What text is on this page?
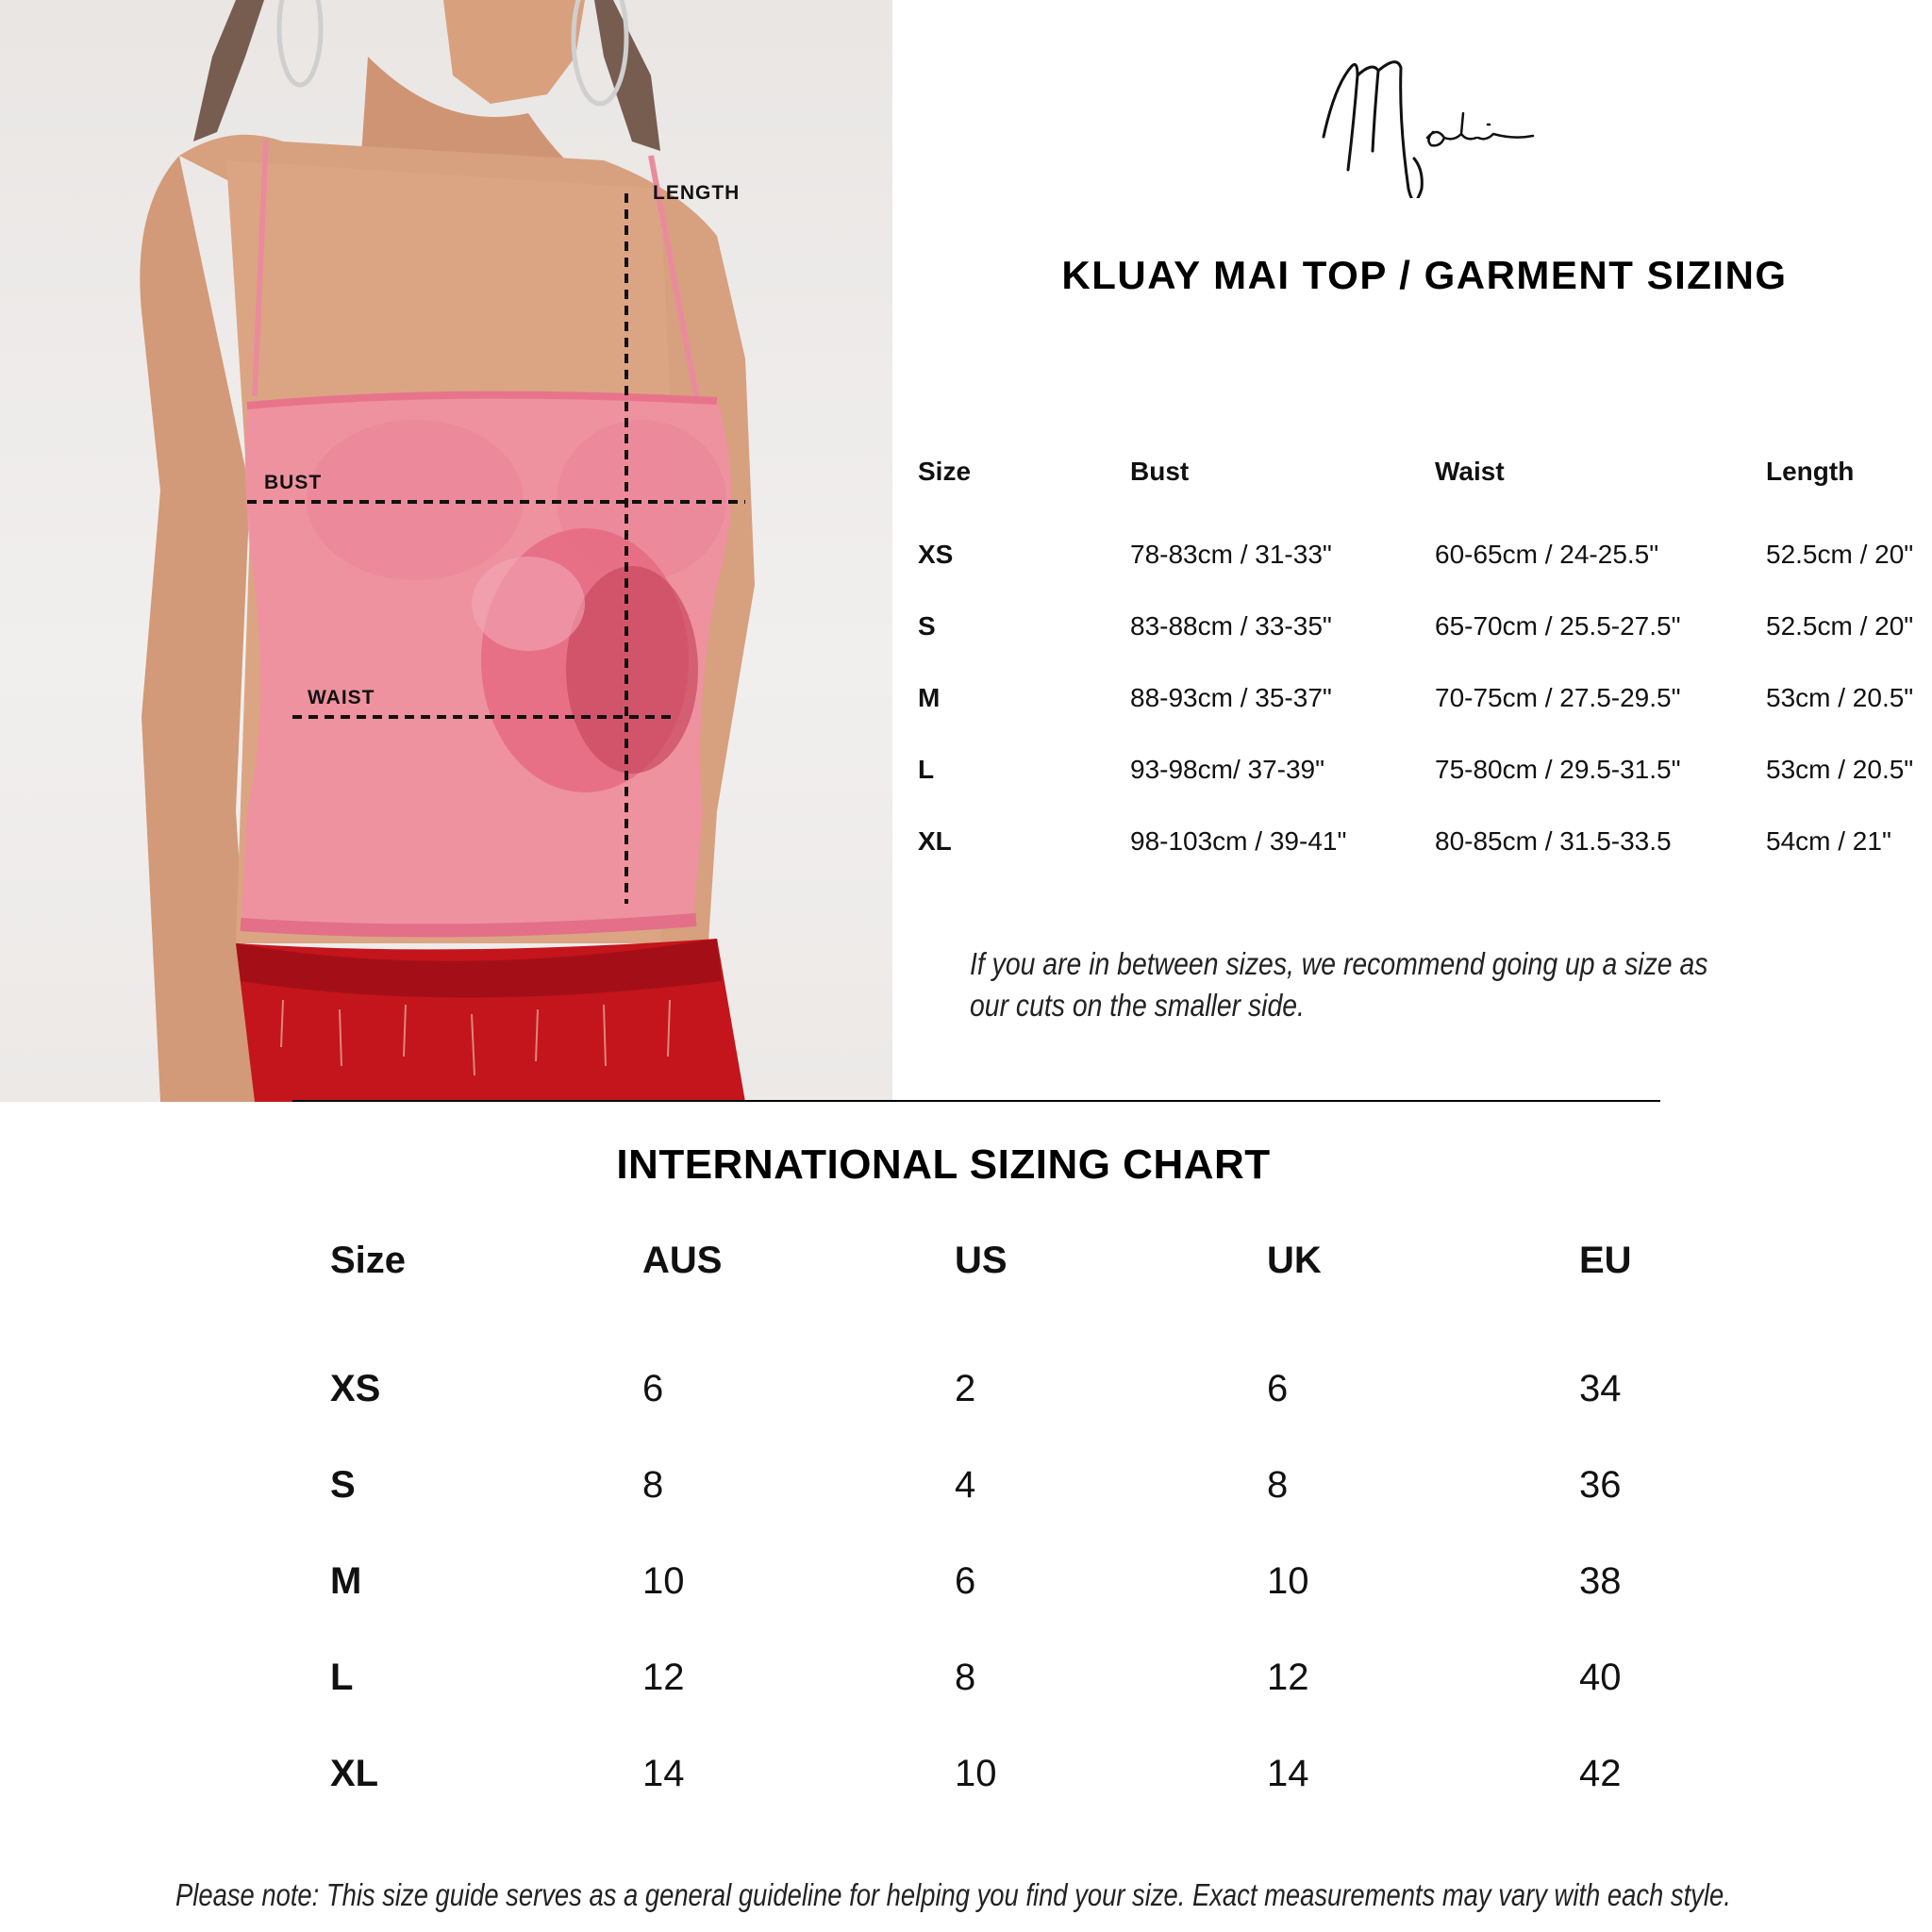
LENGTH
BUST
WAIST
KLUAY MAI TOP / GARMENT SIZING
Size	Bust	Waist	Length
XS	78-83cm / 31-33"	60-65cm / 24-25.5"	52.5cm / 20"
S	83-88cm / 33-35"	65-70cm / 25.5-27.5"	52.5cm / 20"
M	88-93cm / 35-37"	70-75cm / 27.5-29.5"	53cm / 20.5"
L	93-98cm/ 37-39"	75-80cm / 29.5-31.5"	53cm / 20.5"
XL	98-103cm / 39-41"	80-85cm / 31.5-33.5	54cm / 21"
If you are in between sizes, we recommend going up a size as our cuts on the smaller side.
INTERNATIONAL SIZING CHART
Size	AUS	US	UK	EU
XS	6	2	6	34
S	8	4	8	36
M	10	6	10	38
L	12	8	12	40
XL	14	10	14	42
Please note: This size guide serves as a general guideline for helping you find your size. Exact measurements may vary with each style.
